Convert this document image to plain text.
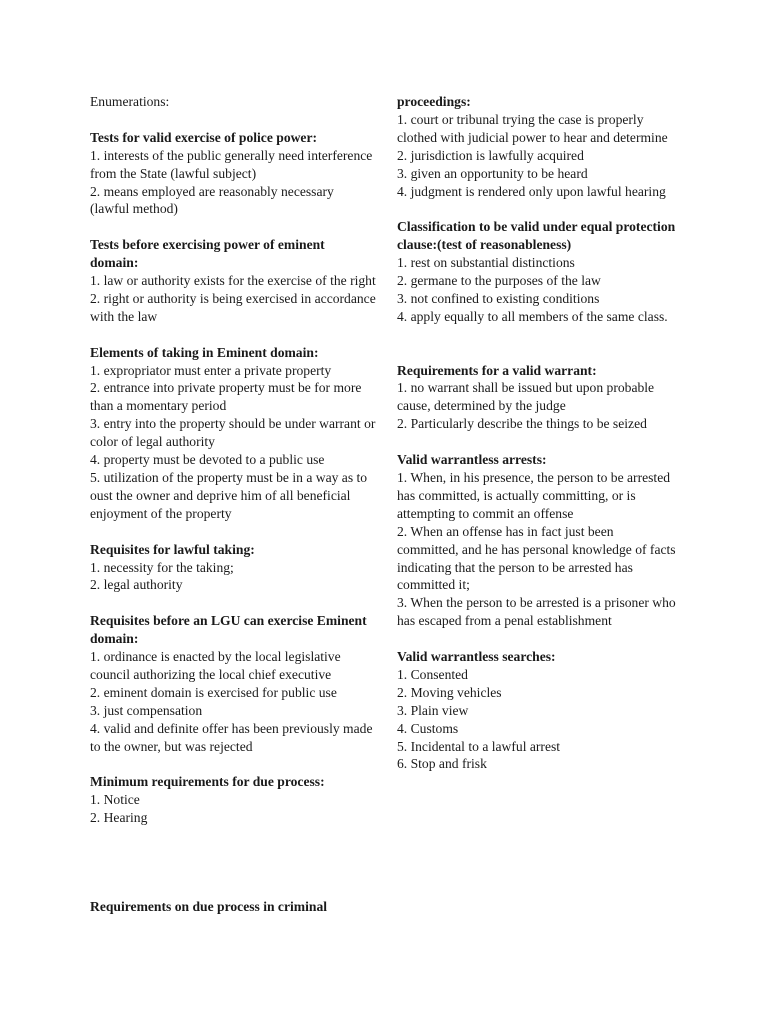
Enumerations:
Tests for valid exercise of police power:
1. interests of the public generally need interference from the State (lawful subject)
2. means employed are reasonably necessary (lawful method)
Tests before exercising power of eminent domain:
1. law or authority exists for the exercise of the right
2. right or authority is being exercised in accordance with the law
Elements of taking in Eminent domain:
1. expropriator must enter a private property
2. entrance into private property must be for more than a momentary period
3. entry into the property should be under warrant or color of legal authority
4. property must be devoted to a public use
5. utilization of the property must be in a way as to oust the owner and deprive him of all beneficial enjoyment of the property
Requisites for lawful taking:
1. necessity for the taking;
2. legal authority
Requisites before an LGU can exercise Eminent domain:
1. ordinance is enacted by the local legislative council authorizing the local chief executive
2. eminent domain is exercised for public use
3. just compensation
4. valid and definite offer has been previously made to the owner, but was rejected
Minimum requirements for due process:
1. Notice
2. Hearing
Requirements on due process in criminal
proceedings:
1. court or tribunal trying the case is properly clothed with judicial power to hear and determine
2. jurisdiction is lawfully acquired
3. given an opportunity to be heard
4. judgment is rendered only upon lawful hearing
Classification to be valid under equal protection clause:(test of reasonableness)
1. rest on substantial distinctions
2. germane to the purposes of the law
3. not confined to existing conditions
4. apply equally to all members of the same class.
Requirements for a valid warrant:
1. no warrant shall be issued but upon probable cause, determined by the judge
2. Particularly describe the things to be seized
Valid warrantless arrests:
1. When, in his presence, the person to be arrested has committed, is actually committing, or is attempting to commit an offense
2. When an offense has in fact just been committed, and he has personal knowledge of facts indicating that the person to be arrested has committed it;
3. When the person to be arrested is a prisoner who has escaped from a penal establishment
Valid warrantless searches:
1. Consented
2. Moving vehicles
3. Plain view
4. Customs
5. Incidental to a lawful arrest
6. Stop and frisk
